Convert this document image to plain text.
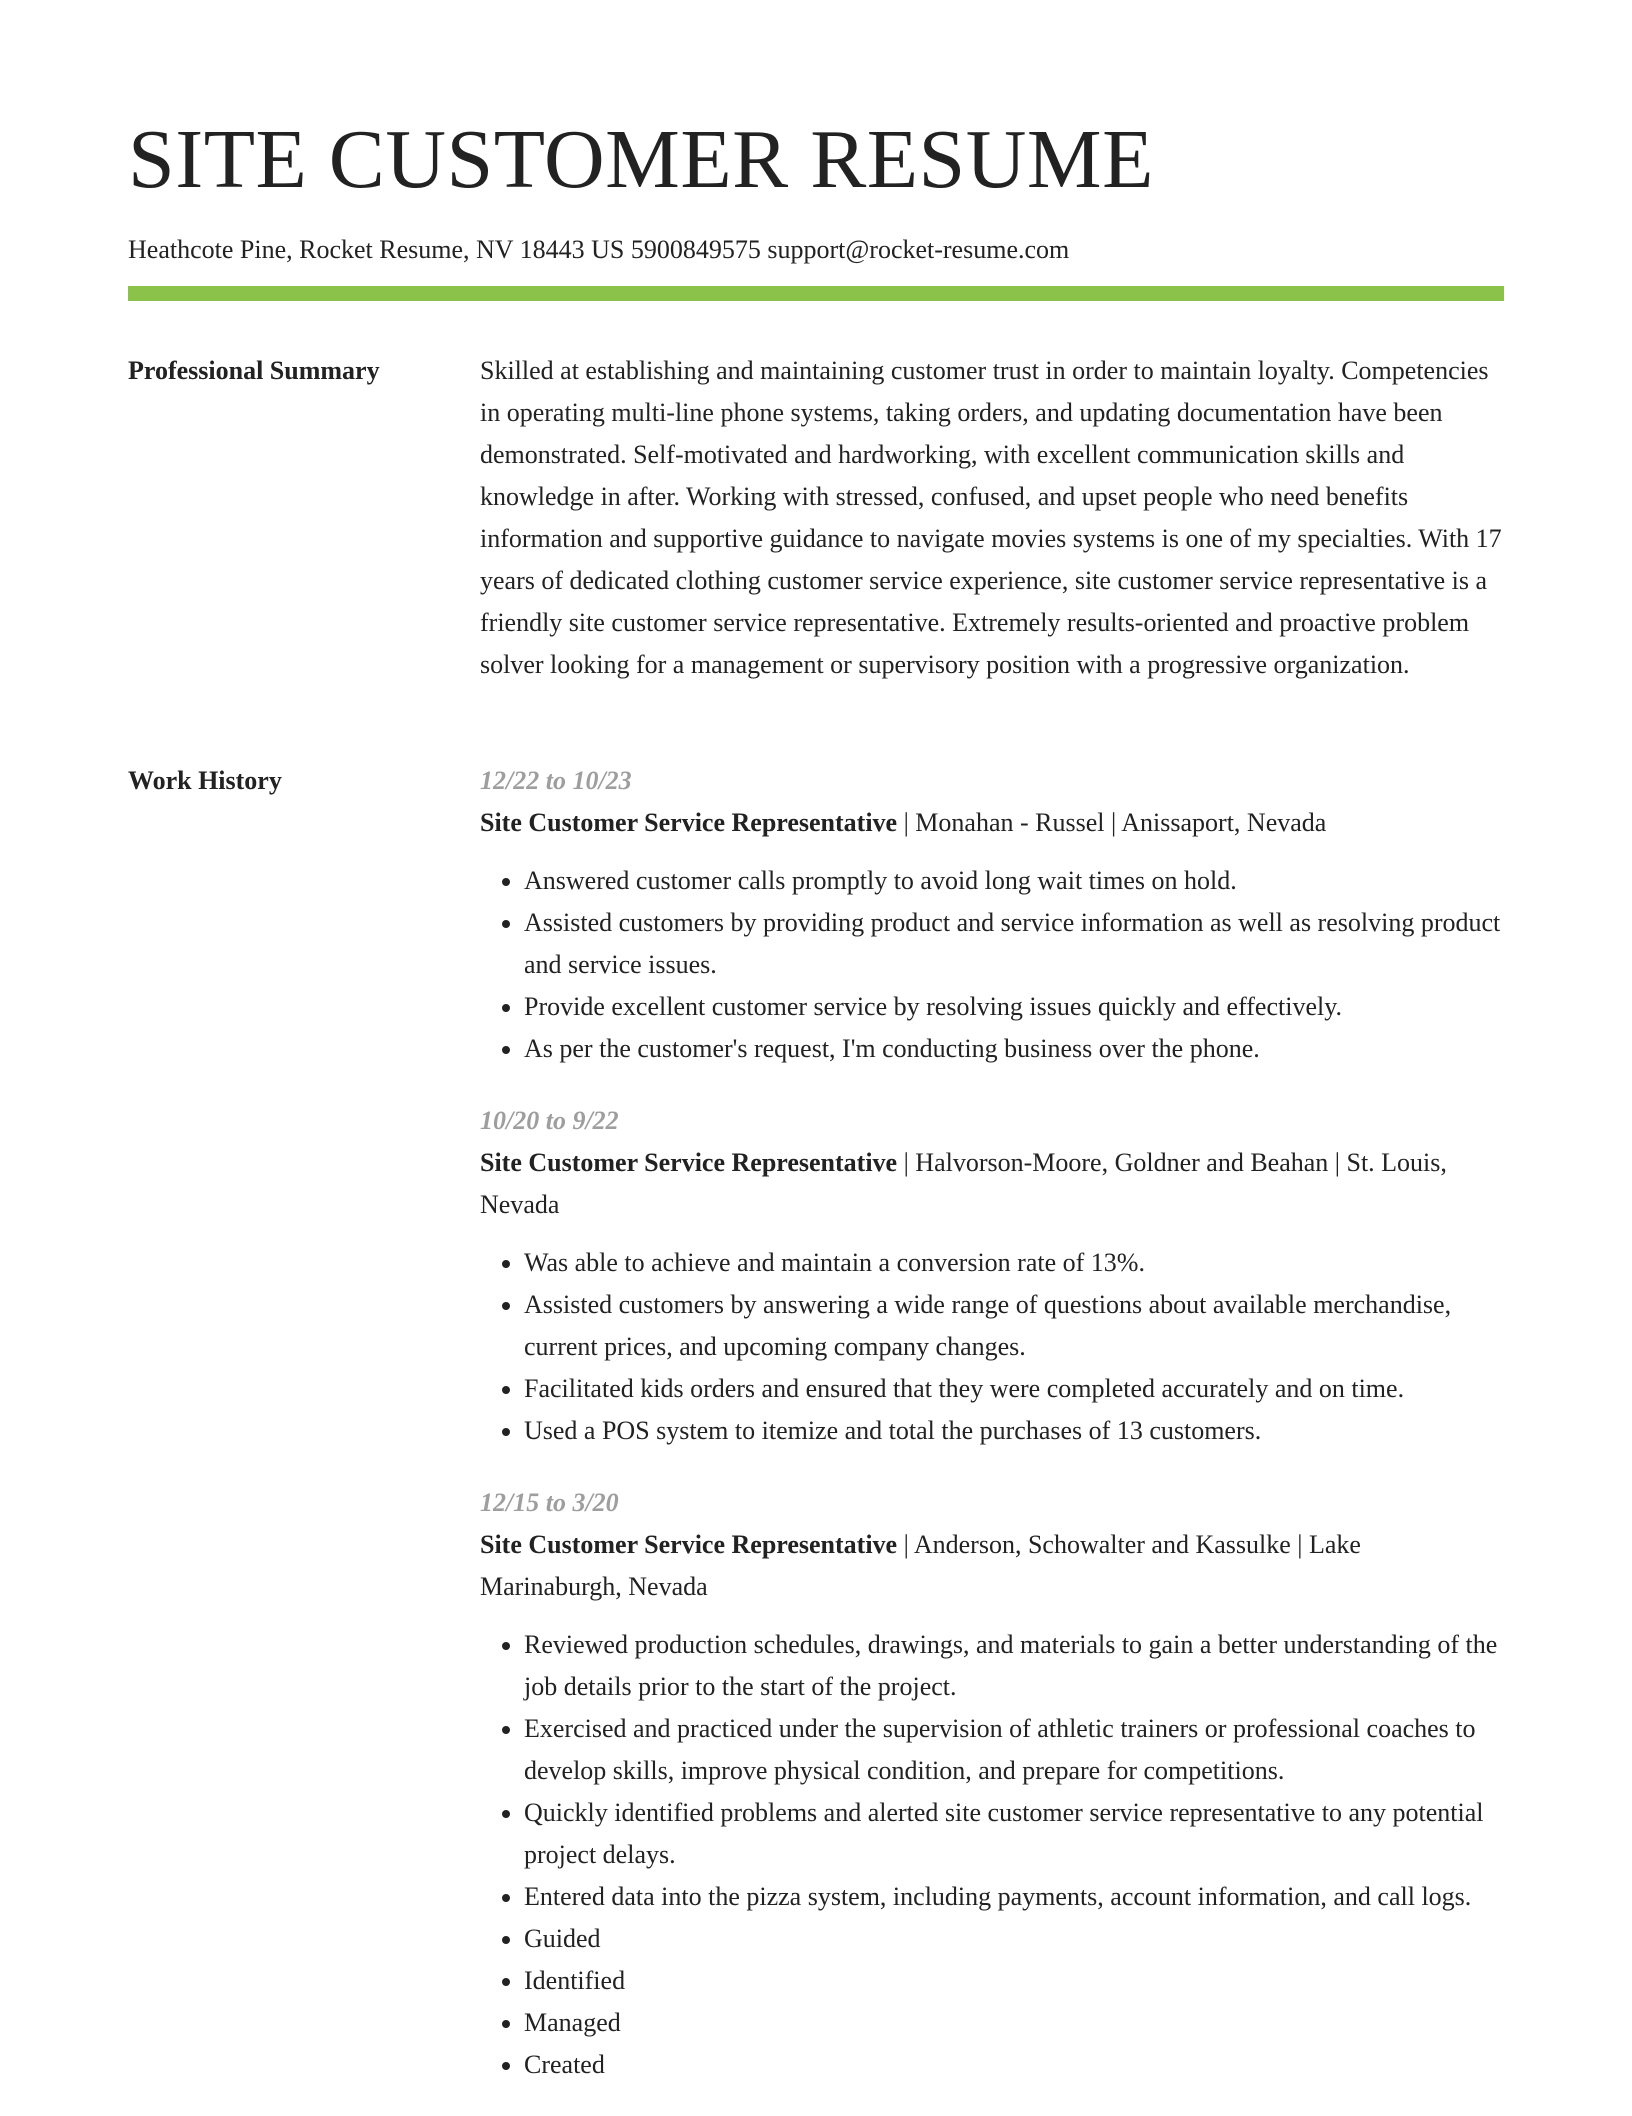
SITE CUSTOMER RESUME
Heathcote Pine, Rocket Resume, NV 18443 US 5900849575 support@rocket-resume.com
Professional Summary	Skilled at establishing and maintaining customer trust in order to maintain loyalty. Competencies in operating multi-line phone systems, taking orders, and updating documentation have been demonstrated. Self-motivated and hardworking, with excellent communication skills and knowledge in after. Working with stressed, confused, and upset people who need benefits information and supportive guidance to navigate movies systems is one of my specialties. With 17 years of dedicated clothing customer service experience, site customer service representative is a friendly site customer service representative. Extremely results-oriented and proactive problem solver looking for a management or supervisory position with a progressive organization.

Work History	12/22 to 10/23
Site Customer Service Representative | Monahan - Russel | Anissaport, Nevada
• Answered customer calls promptly to avoid long wait times on hold.
• Assisted customers by providing product and service information as well as resolving product and service issues.
• Provide excellent customer service by resolving issues quickly and effectively.
• As per the customer's request, I'm conducting business over the phone.
10/20 to 9/22
Site Customer Service Representative | Halvorson-Moore, Goldner and Beahan | St. Louis, Nevada
• Was able to achieve and maintain a conversion rate of 13%.
• Assisted customers by answering a wide range of questions about available merchandise, current prices, and upcoming company changes.
• Facilitated kids orders and ensured that they were completed accurately and on time.
• Used a POS system to itemize and total the purchases of 13 customers.
12/15 to 3/20
Site Customer Service Representative | Anderson, Schowalter and Kassulke | Lake Marinaburgh, Nevada
• Reviewed production schedules, drawings, and materials to gain a better understanding of the job details prior to the start of the project.
• Exercised and practiced under the supervision of athletic trainers or professional coaches to develop skills, improve physical condition, and prepare for competitions.
• Quickly identified problems and alerted site customer service representative to any potential project delays.
• Entered data into the pizza system, including payments, account information, and call logs.
• Guided
• Identified
• Managed
• Created
